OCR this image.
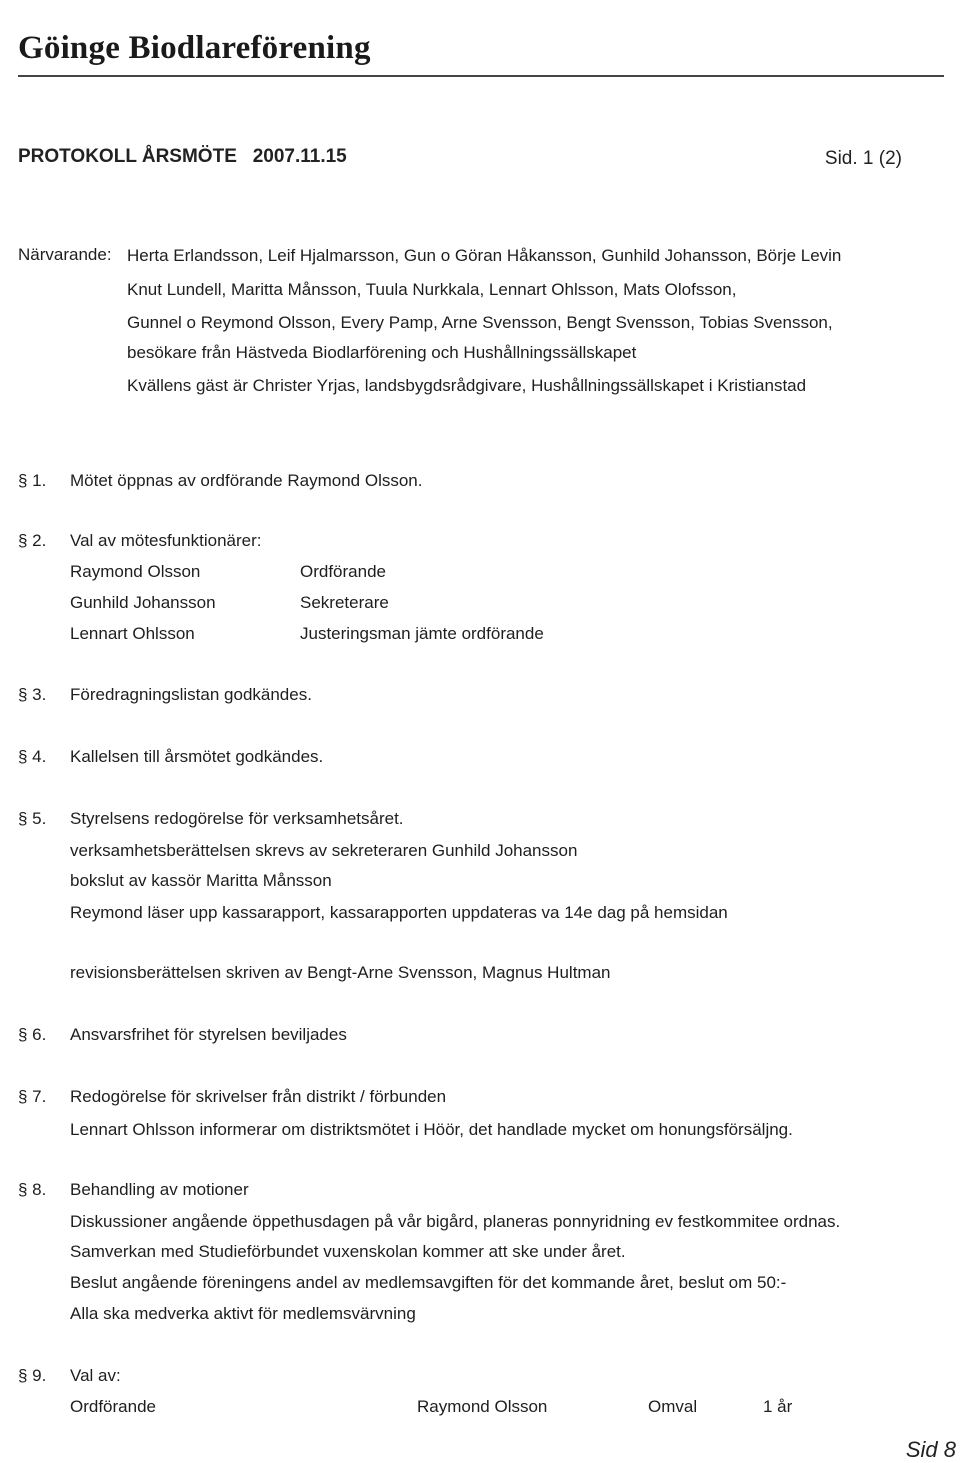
Göinge Biodlareförening
PROTOKOLL ÅRSMÖTE   2007.11.15	Sid. 1 (2)
Närvarande: Herta Erlandsson, Leif Hjalmarsson, Gun o Göran Håkansson, Gunhild Johansson, Börje Levin
Knut Lundell, Maritta Månsson, Tuula Nurkkala, Lennart Ohlsson, Mats Olofsson,
Gunnel o Reymond Olsson, Every Pamp, Arne Svensson, Bengt Svensson, Tobias Svensson,
besökare från Hästveda Biodlarförening och Hushållningssällskapet
Kvällens gäst är Christer Yrjas, landsbygdsrådgivare, Hushållningssällskapet i Kristianstad
§ 1. Mötet öppnas av ordförande Raymond Olsson.
§ 2. Val av mötesfunktionärer:
Raymond Olsson	Ordförande
Gunhild Johansson	Sekreterare
Lennart Ohlsson	Justeringsman jämte ordförande
§ 3. Föredragningslistan godkändes.
§ 4. Kallelsen till årsmötet godkändes.
§ 5. Styrelsens redogörelse för verksamhetsåret.
verksamhetsberättelsen skrevs av sekreteraren Gunhild Johansson
bokslut av kassör Maritta Månsson
Reymond läser upp kassarapport, kassarapporten uppdateras va 14e dag på hemsidan
revisionsberättelsen skriven av Bengt-Arne Svensson, Magnus Hultman
§ 6. Ansvarsfrihet för styrelsen beviljades
§ 7. Redogörelse för skrivelser från distrikt / förbunden
Lennart Ohlsson informerar om distriktsmötet i Höör, det handlade mycket om honungsförsäljng.
§ 8. Behandling av motioner
Diskussioner angående öppethusdagen på vår bigård, planeras ponnyridning ev festkommitee ordnas.
Samverkan med Studieförbundet vuxenskolan kommer att ske under året.
Beslut angående föreningens andel av medlemsavgiften för det kommande året, beslut om 50:-
Alla ska medverka aktivt för medlemsvärvning
§ 9. Val av:
Ordförande	Raymond Olsson	Omval	1 år
Sid 8
